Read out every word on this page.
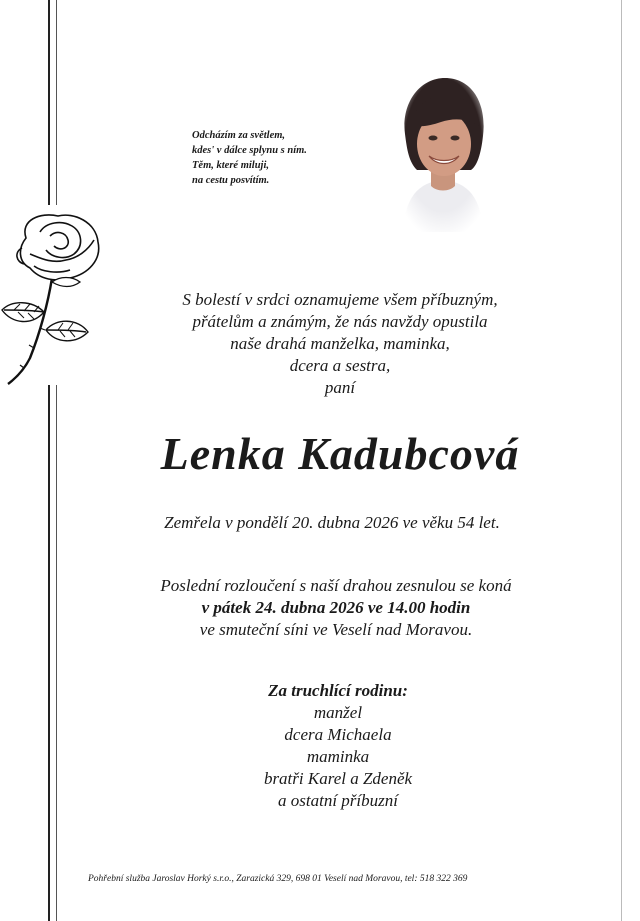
Odcházím za světlem,
kdes' v dálce splynu s ním.
Těm, které miluji,
na cestu posvítím.
S bolestí v srdci oznamujeme všem příbuzným,
přátelům a známým, že nás navždy opustila
naše drahá manželka, maminka,
dcera a sestra,
paní
Lenka Kadubcová
Zemřela v pondělí 20. dubna 2026 ve věku 54 let.
Poslední rozloučení s naší drahou zesnulou se koná
v pátek 24. dubna 2026 ve 14.00 hodin
ve smuteční síni ve Veselí nad Moravou.
Za truchlící rodinu:
manžel
dcera Michaela
maminka
bratři Karel a Zdeněk
a ostatní příbuzní
Pohřební služba Jaroslav Horký s.r.o., Zarazická 329, 698 01 Veselí nad Moravou, tel: 518 322 369
